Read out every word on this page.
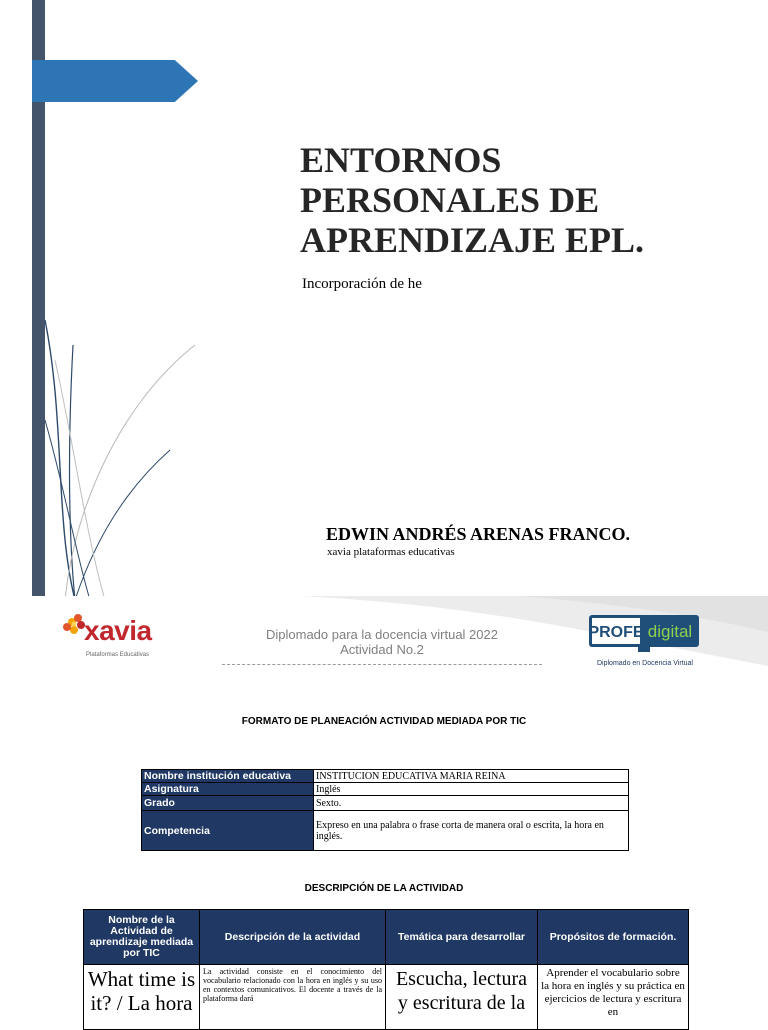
ENTORNOS
PERSONALES DE
APRENDIZAJE EPL.
Incorporación de he
EDWIN ANDRÉS ARENAS FRANCO.
xavia plataformas educativas
xavia
Plataformas Educativas
Diplomado para la docencia virtual 2022
Actividad No.2
PROFE digital
Diplomado en Docencia Virtual
FORMATO DE PLANEACIÓN ACTIVIDAD MEDIADA POR TIC
Nombre institución educativa	INSTITUCION EDUCATIVA MARIA REINA
Asignatura	Inglés
Grado	Sexto.
Competencia	Expreso en una palabra o frase corta de manera oral o escrita, la hora en inglés.
DESCRIPCIÓN DE LA ACTIVIDAD
Nombre de la Actividad de aprendizaje mediada por TIC	Descripción de la actividad	Temática para desarrollar	Propósitos de formación.
What time is it? / La hora	La actividad consiste en el conocimiento del vocabulario relacionado con la hora en inglés y su uso en contextos comunicativos. El docente a través de la plataforma dará	Escucha, lectura y escritura de la	Aprender el vocabulario sobre la hora en inglés y su práctica en ejercicios de lectura y escritura en
